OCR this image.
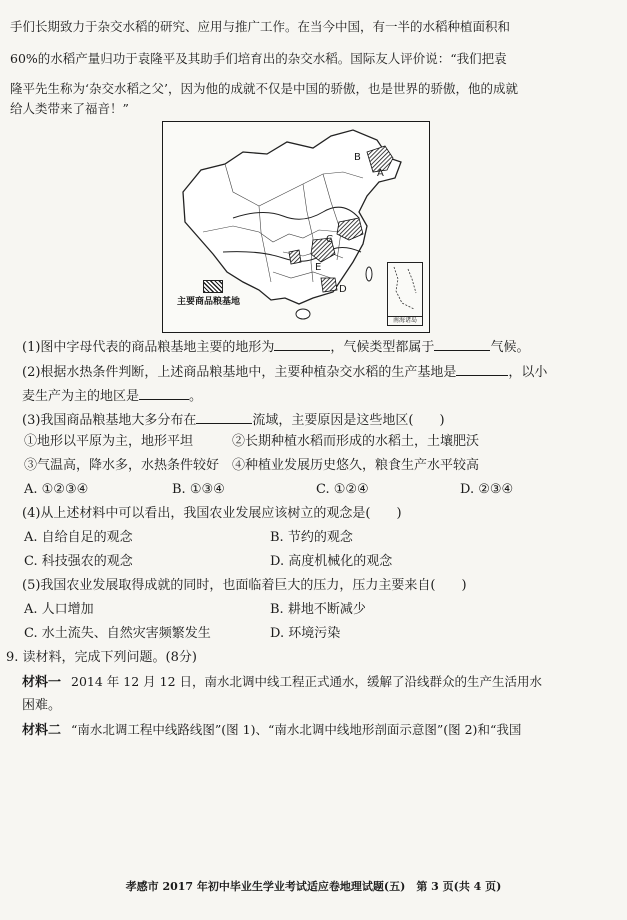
手们长期致力于杂交水稻的研究、应用与推广工作。在当今中国，有一半的水稻种植面积和
60%的水稻产量归功于袁隆平及其助手们培育出的杂交水稻。国际友人评价说：“我们把袁
隆平先生称为‘杂交水稻之父’，因为他的成就不仅是中国的骄傲，也是世界的骄傲，他的成就
给人类带来了福音！”
B
A
C
E
D
主要商品粮基地
南海诸岛
(1)图中字母代表的商品粮基地主要的地形为	，气候类型都属于	气候。
(2)根据水热条件判断，上述商品粮基地中，主要种植杂交水稻的生产基地是	，以小
麦生产为主的地区是	。
(3)我国商品粮基地大多分布在	流域，主要原因是这些地区(　　)
①地形以平原为主，地形平坦	②长期种植水稻而形成的水稻土，土壤肥沃
③气温高，降水多，水热条件较好 ④种植业发展历史悠久，粮食生产水平较高
A. ①②③④	B. ①③④	C. ①②④	D. ②③④
(4)从上述材料中可以看出，我国农业发展应该树立的观念是(　　)
A. 自给自足的观念	B. 节约的观念
C. 科技强农的观念	D. 高度机械化的观念
(5)我国农业发展取得成就的同时，也面临着巨大的压力，压力主要来自(　　)
A. 人口增加	B. 耕地不断减少
C. 水土流失、自然灾害频繁发生	D. 环境污染
9. 读材料，完成下列问题。(8分)
材料一 2014 年 12 月 12 日，南水北调中线工程正式通水，缓解了沿线群众的生产生活用水
困难。
材料二 “南水北调工程中线路线图”(图 1)、“南水北调中线地形剖面示意图”(图 2)和“我国
孝感市 2017 年初中毕业生学业考试适应卷地理试题(五)　第 3 页(共 4 页)
